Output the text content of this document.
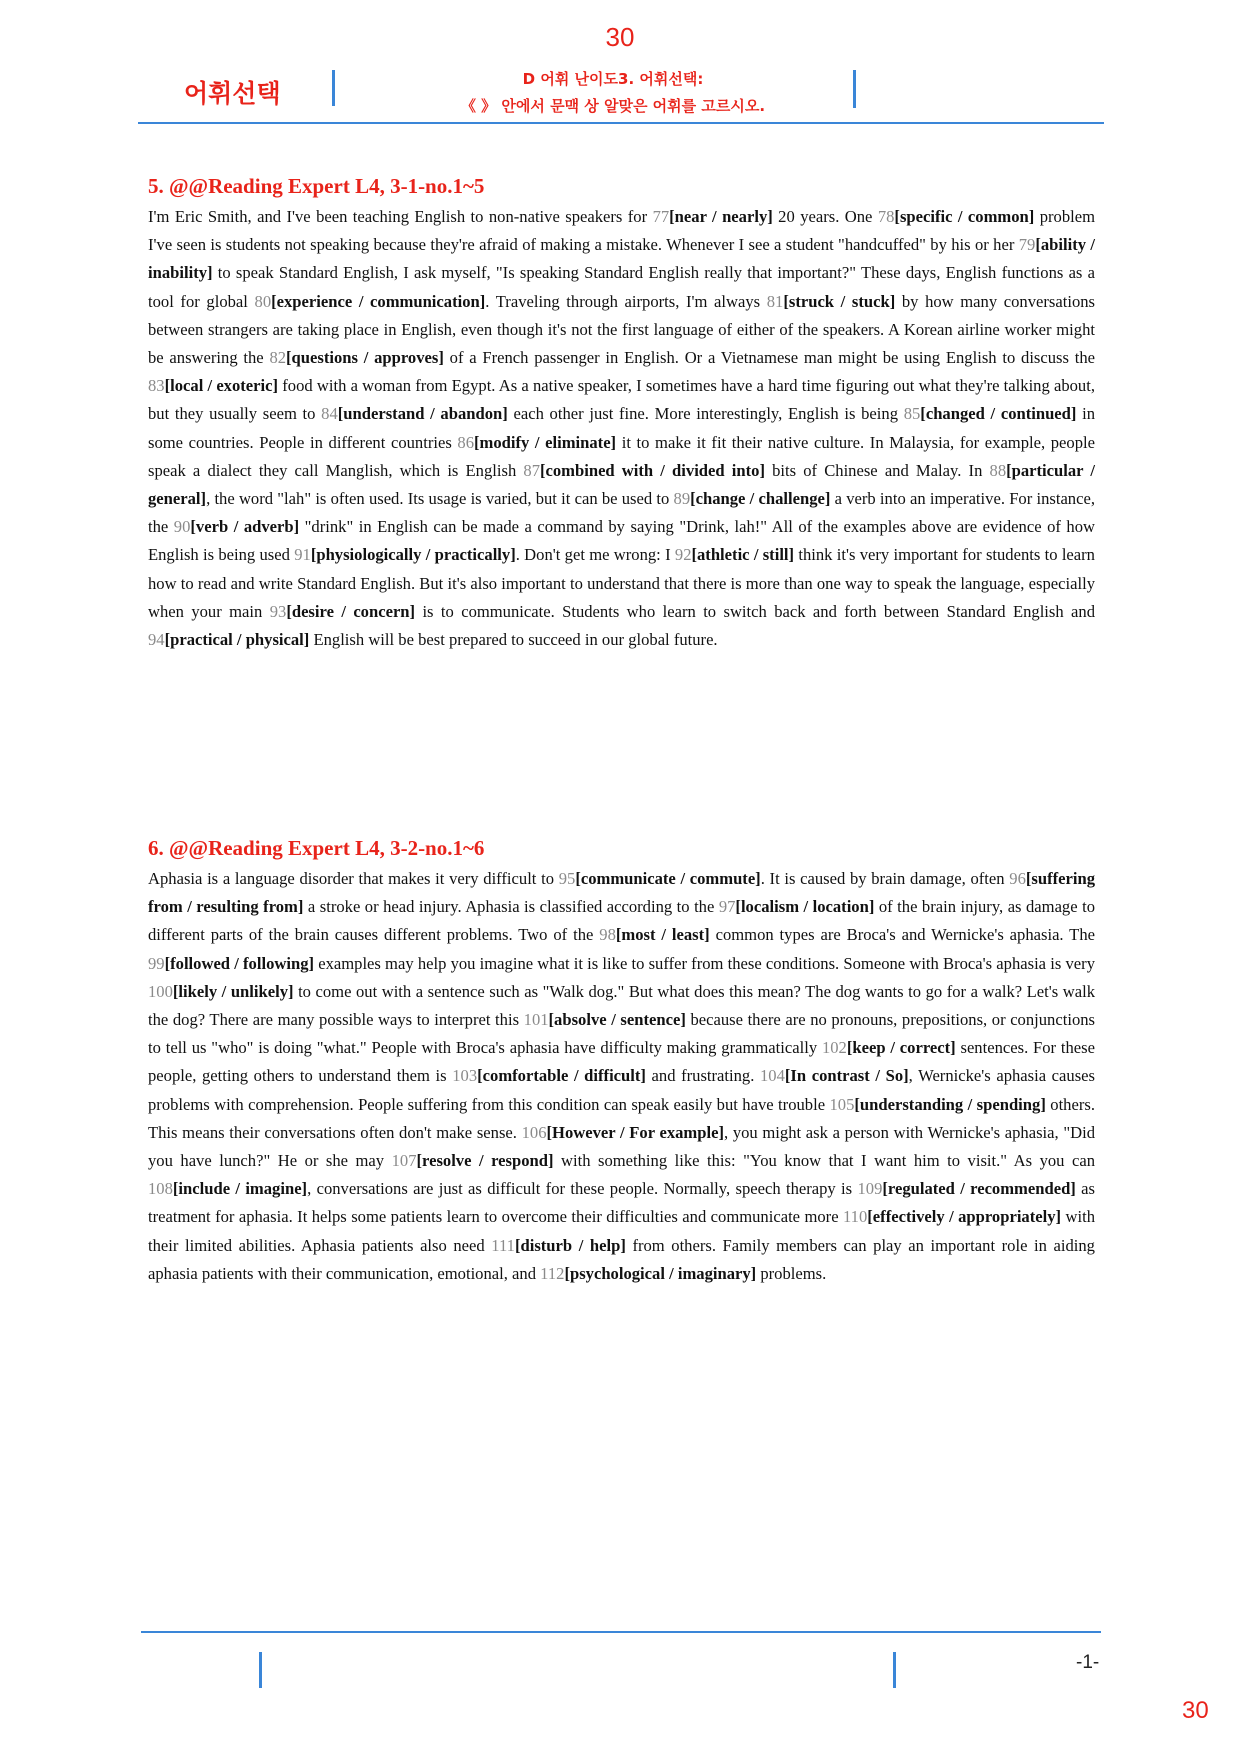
30
어휘선택	D 어휘 난이도3. 어휘선택:
《 》 안에서 문맥 상 알맞은 어휘를 고르시오.
5. @@Reading Expert L4, 3-1-no.1~5

I'm Eric Smith, and I've been teaching English to non-native speakers for 77[near / nearly] 20 years. One 78[specific / common] problem I've seen is students not speaking because they're afraid of making a mistake. Whenever I see a student "handcuffed" by his or her 79[ability / inability] to speak Standard English, I ask myself, "Is speaking Standard English really that important?" These days, English functions as a tool for global 80[experience / communication]. Traveling through airports, I'm always 81[struck / stuck] by how many conversations between strangers are taking place in English, even though it's not the first language of either of the speakers. A Korean airline worker might be answering the 82[questions / approves] of a French passenger in English. Or a Vietnamese man might be using English to discuss the 83[local / exoteric] food with a woman from Egypt. As a native speaker, I sometimes have a hard time figuring out what they're talking about, but they usually seem to 84[understand / abandon] each other just fine. More interestingly, English is being 85[changed / continued] in some countries. People in different countries 86[modify / eliminate] it to make it fit their native culture. In Malaysia, for example, people speak a dialect they call Manglish, which is English 87[combined with / divided into] bits of Chinese and Malay. In 88[particular / general], the word "lah" is often used. Its usage is varied, but it can be used to 89[change / challenge] a verb into an imperative. For instance, the 90[verb / adverb] "drink" in English can be made a command by saying "Drink, lah!" All of the examples above are evidence of how English is being used 91[physiologically / practically]. Don't get me wrong: I 92[athletic / still] think it's very important for students to learn how to read and write Standard English. But it's also important to understand that there is more than one way to speak the language, especially when your main 93[desire / concern] is to communicate. Students who learn to switch back and forth between Standard English and 94[practical / physical] English will be best prepared to succeed in our global future.

6. @@Reading Expert L4, 3-2-no.1~6

Aphasia is a language disorder that makes it very difficult to 95[communicate / commute]. It is caused by brain damage, often 96[suffering from / resulting from] a stroke or head injury. Aphasia is classified according to the 97[localism / location] of the brain injury, as damage to different parts of the brain causes different problems. Two of the 98[most / least] common types are Broca's and Wernicke's aphasia. The 99[followed / following] examples may help you imagine what it is like to suffer from these conditions. Someone with Broca's aphasia is very 100[likely / unlikely] to come out with a sentence such as "Walk dog." But what does this mean? The dog wants to go for a walk? Let's walk the dog? There are many possible ways to interpret this 101[absolve / sentence] because there are no pronouns, prepositions, or conjunctions to tell us "who" is doing "what." People with Broca's aphasia have difficulty making grammatically 102[keep / correct] sentences. For these people, getting others to understand them is 103[comfortable / difficult] and frustrating. 104[In contrast / So], Wernicke's aphasia causes problems with comprehension. People suffering from this condition can speak easily but have trouble 105[understanding / spending] others. This means their conversations often don't make sense. 106[However / For example], you might ask a person with Wernicke's aphasia, "Did you have lunch?" He or she may 107[resolve / respond] with something like this: "You know that I want him to visit." As you can 108[include / imagine], conversations are just as difficult for these people. Normally, speech therapy is 109[regulated / recommended] as treatment for aphasia. It helps some patients learn to overcome their difficulties and communicate more 110[effectively / appropriately] with their limited abilities. Aphasia patients also need 111[disturb / help] from others. Family members can play an important role in aiding aphasia patients with their communication, emotional, and 112[psychological / imaginary] problems.

-1-
30
